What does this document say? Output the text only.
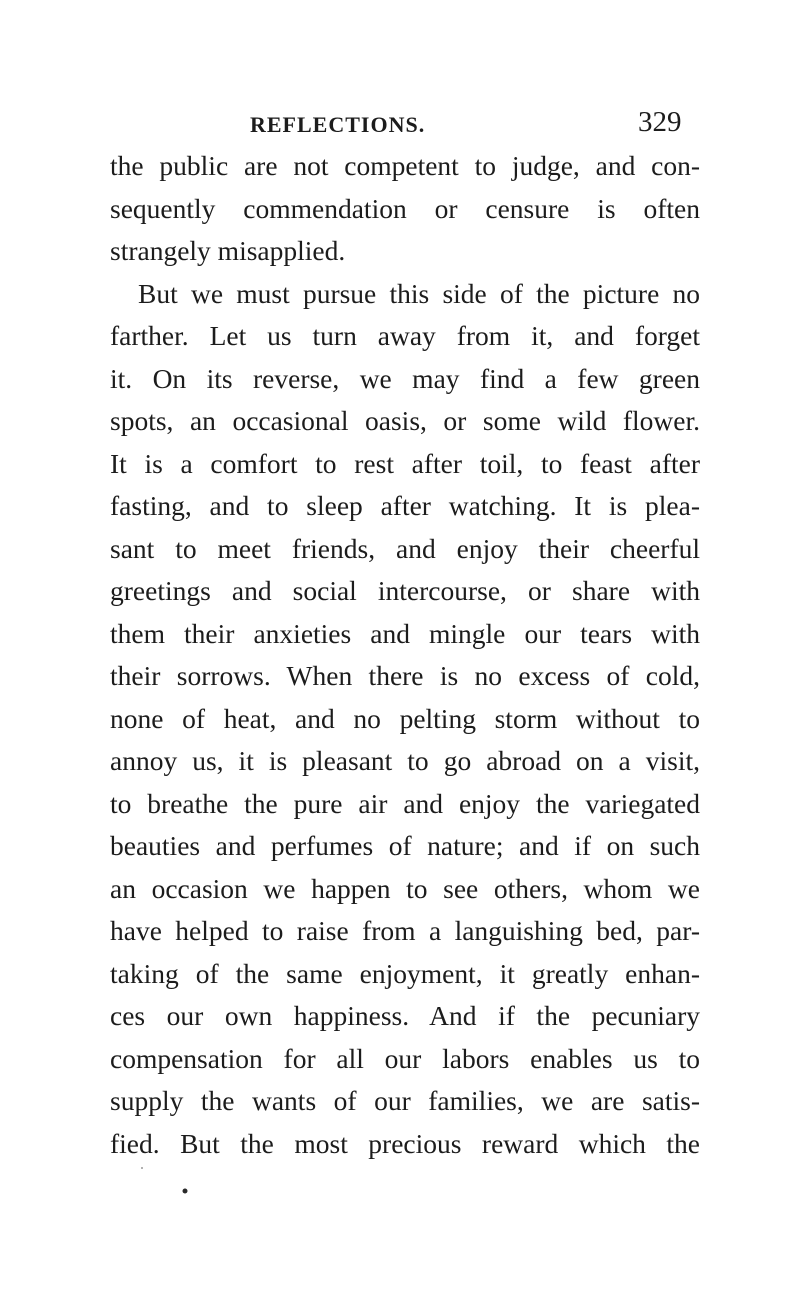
REFLECTIONS.	329
the public are not competent to judge, and con-
sequently commendation or censure is often
strangely misapplied.
But we must pursue this side of the picture no
farther. Let us turn away from it, and forget
it. On its reverse, we may find a few green
spots, an occasional oasis, or some wild flower.
It is a comfort to rest after toil, to feast after
fasting, and to sleep after watching. It is plea-
sant to meet friends, and enjoy their cheerful
greetings and social intercourse, or share with
them their anxieties and mingle our tears with
their sorrows. When there is no excess of cold,
none of heat, and no pelting storm without to
annoy us, it is pleasant to go abroad on a visit,
to breathe the pure air and enjoy the variegated
beauties and perfumes of nature; and if on such
an occasion we happen to see others, whom we
have helped to raise from a languishing bed, par-
taking of the same enjoyment, it greatly enhan-
ces our own happiness. And if the pecuniary
compensation for all our labors enables us to
supply the wants of our families, we are satis-
fied. But the most precious reward which the
